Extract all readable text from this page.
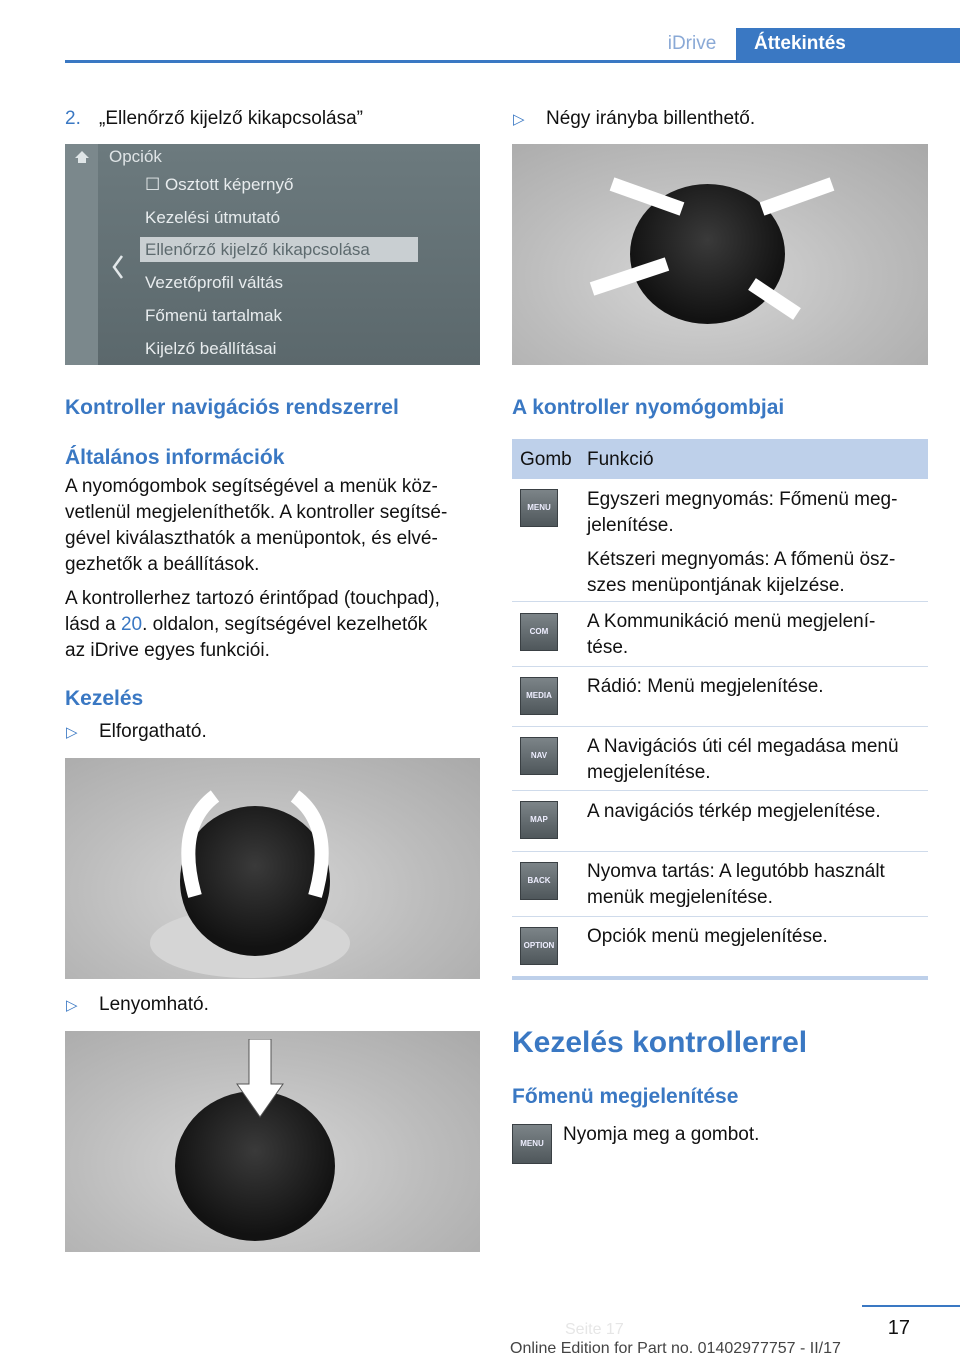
iDrive	Áttekintés
2. „Ellenőrző kijelző kikapcsolása”
Opciók
☐ Osztott képernyő
Kezelési útmutató
Ellenőrző kijelző kikapcsolása
Vezetőprofil váltás
Főmenü tartalmak
Kijelző beállításai
Kontroller navigációs rendszerrel
Általános információk
A nyomógombok segítségével a menük köz-
vetlenül megjeleníthetők. A kontroller segítsé-
gével kiválaszthatók a menüpontok, és elvé-
gezhetők a beállítások.
A kontrollerhez tartozó érintőpad (touchpad),
lásd a 20. oldalon, segítségével kezelhetők
az iDrive egyes funkciói.
Kezelés
▷ Elforgatható.
▷ Lenyomható.
▷ Négy irányba billenthető.
A kontroller nyomógombjai
Gomb Funkció
MENU	Egyszeri megnyomás: Főmenü meg-
jelenítése.
Kétszeri megnyomás: A főmenü ösz-
szes menüpontjának kijelzése.
COM	A Kommunikáció menü megjelení-
tése.
MEDIA	Rádió: Menü megjelenítése.
NAV	A Navigációs úti cél megadása menü
megjelenítése.
MAP	A navigációs térkép megjelenítése.
BACK	Nyomva tartás: A legutóbb használt
menük megjelenítése.
OPTION Opciók menü megjelenítése.
Kezelés kontrollerrel
Főmenü megjelenítése
MENU	Nyomja meg a gombot.
17
Seite 17
Online Edition for Part no. 01402977757 - II/17
